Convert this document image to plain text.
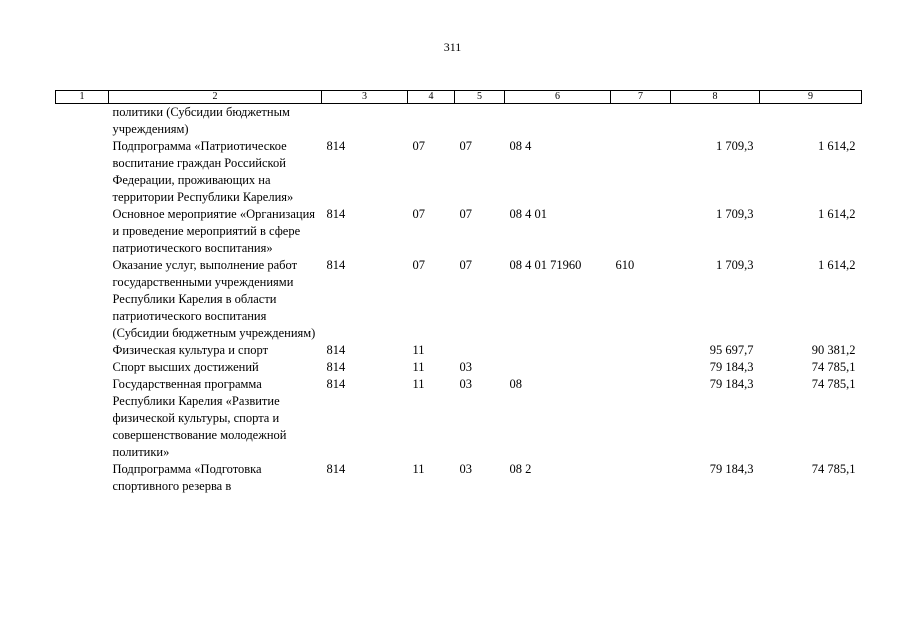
311
1	2	3	4	5	6	7	8	9
	политики (Субсидии бюджетным учреждениям)							
	Подпрограмма «Патриотическое воспитание граждан Российской Федерации, проживающих на территории Республики Карелия»	814	07	07	08 4		1 709,3	1 614,2
	Основное мероприятие «Организация и проведение мероприятий в сфере патриотического воспитания»	814	07	07	08 4 01		1 709,3	1 614,2
	Оказание услуг, выполнение работ государственными учреждениями Республики Карелия в области патриотического воспитания (Субсидии бюджетным учреждениям)	814	07	07	08 4 01 71960	610	1 709,3	1 614,2
	Физическая культура и спорт	814	11				95 697,7	90 381,2
	Спорт высших достижений	814	11	03			79 184,3	74 785,1
	Государственная программа Республики Карелия «Развитие физической культуры, спорта и совершенствование молодежной политики»	814	11	03	08		79 184,3	74 785,1
	Подпрограмма «Подготовка спортивного резерва в	814	11	03	08 2		79 184,3	74 785,1
